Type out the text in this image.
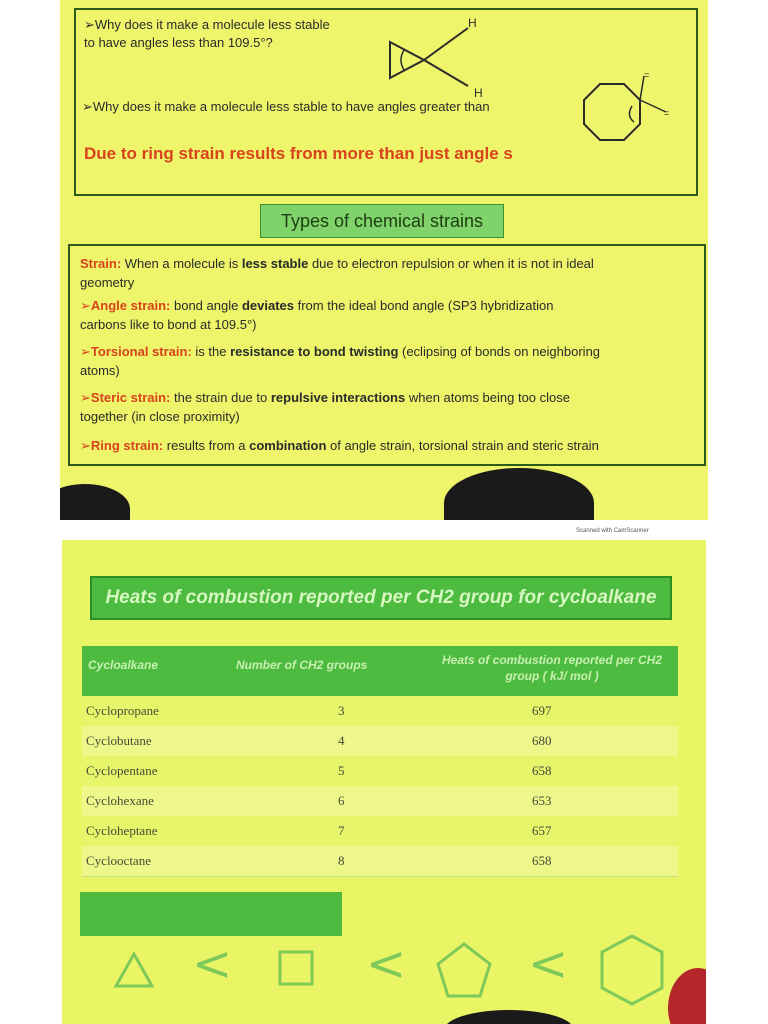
➢Why does it make a molecule less stable
to have angles less than 109.5°?
H
H
➢Why does it make a molecule less stable to have angles greater than
=
=
Due to ring strain results from more than just angle s
Types of chemical strains
Strain: When a molecule is less stable due to electron repulsion or when it is not in ideal
geometry
➢Angle strain: bond angle deviates from the ideal bond angle (SP3 hybridization
carbons like to bond at 109.5°)
➢Torsional strain: is the resistance to bond twisting (eclipsing of bonds on neighboring
atoms)
➢Steric strain: the strain due to repulsive interactions when atoms being too close
together (in close proximity)
➢Ring strain: results from a combination of angle strain, torsional strain and steric strain
Scanned with CamScanner
Heats of combustion reported per CH2 group for cycloalkane
Cycloalkane	Number of CH2 groups	Heats of combustion reported per CH2 group ( kJ/ mol )
Cyclopropane	3	697
Cyclobutane	4	680
Cyclopentane	5	658
Cyclohexane	6	653
Cycloheptane	7	657
Cyclooctane	8	658
<	<	<
